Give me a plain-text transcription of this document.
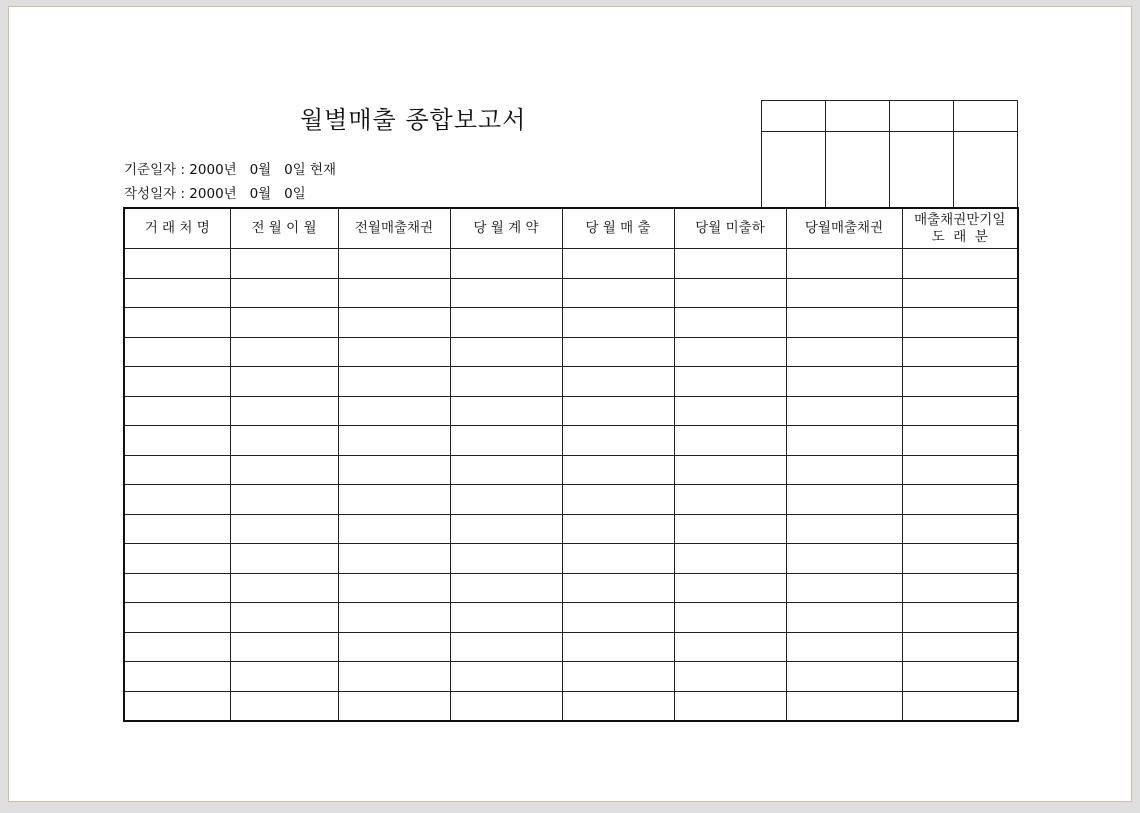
월별매출 종합보고서
기준일자 : 2000년   0월   0일 현재
작성일자 : 2000년   0월   0일

거 래 처 명	전 월 이 월	전월매출채권	당 월 계 약	당 월 매 출	당월 미출하	당월매출채권	매출채권만기일
도  래  분
